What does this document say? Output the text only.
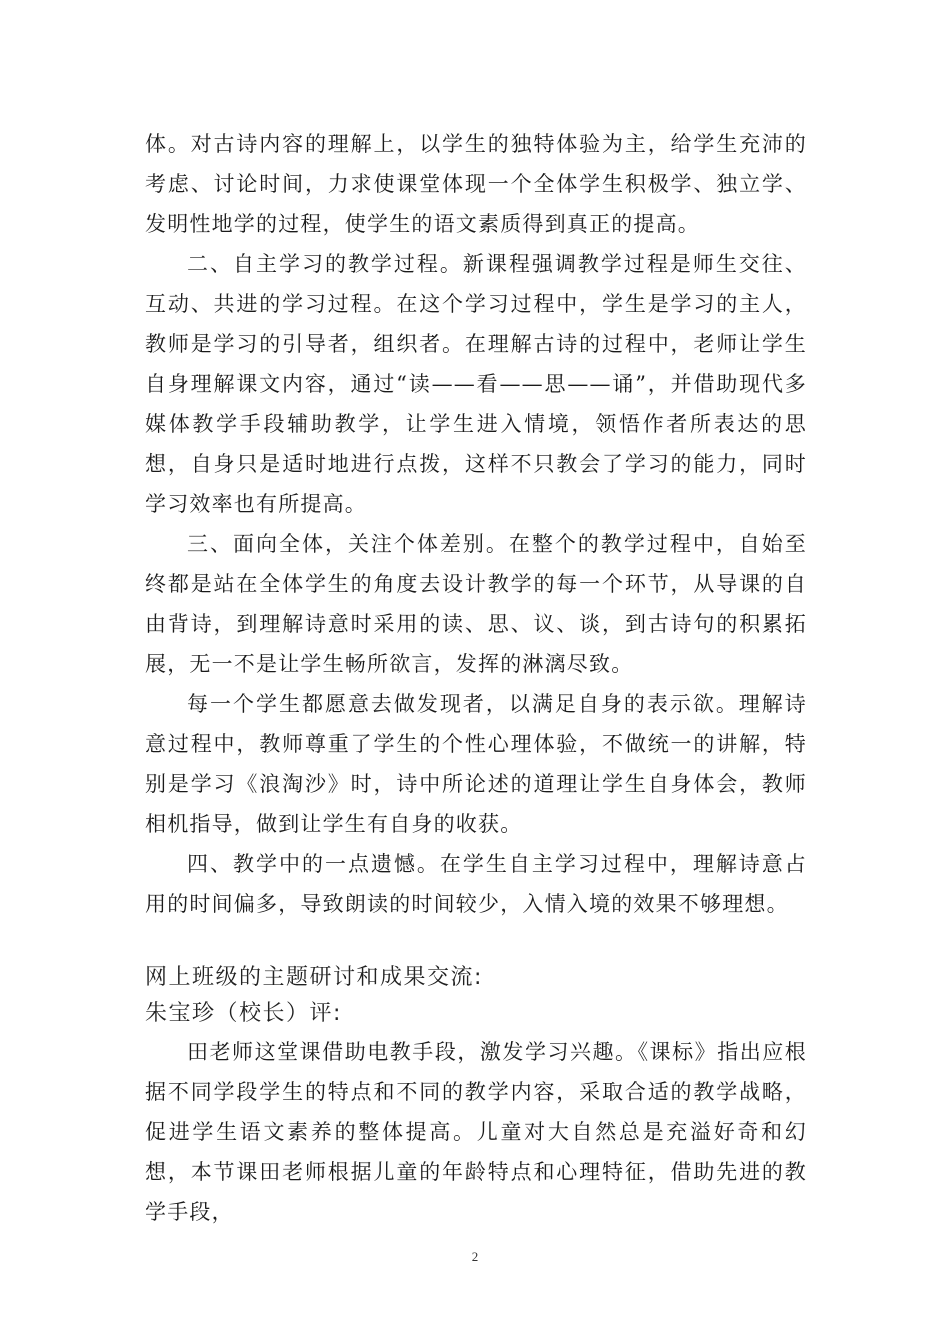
体。对古诗内容的理解上，以学生的独特体验为主，给学生充沛的考虑、讨论时间，力求使课堂体现一个全体学生积极学、独立学、发明性地学的过程，使学生的语文素质得到真正的提高。

二、自主学习的教学过程。新课程强调教学过程是师生交往、互动、共进的学习过程。在这个学习过程中，学生是学习的主人，教师是学习的引导者，组织者。在理解古诗的过程中，老师让学生自身理解课文内容，通过“读——看——思——诵”，并借助现代多媒体教学手段辅助教学，让学生进入情境，领悟作者所表达的思想，自身只是适时地进行点拨，这样不只教会了学习的能力，同时学习效率也有所提高。

三、面向全体，关注个体差别。在整个的教学过程中，自始至终都是站在全体学生的角度去设计教学的每一个环节，从导课的自由背诗，到理解诗意时采用的读、思、议、谈，到古诗句的积累拓展，无一不是让学生畅所欲言，发挥的淋漓尽致。

每一个学生都愿意去做发现者，以满足自身的表示欲。理解诗意过程中，教师尊重了学生的个性心理体验，不做统一的讲解，特别是学习《浪淘沙》时，诗中所论述的道理让学生自身体会，教师相机指导，做到让学生有自身的收获。

四、教学中的一点遗憾。在学生自主学习过程中，理解诗意占用的时间偏多，导致朗读的时间较少，入情入境的效果不够理想。

网上班级的主题研讨和成果交流:

朱宝珍（校长）评:

田老师这堂课借助电教手段，激发学习兴趣。《课标》指出应根据不同学段学生的特点和不同的教学内容，采取合适的教学战略，促进学生语文素养的整体提高。儿童对大自然总是充溢好奇和幻想，本节课田老师根据儿童的年龄特点和心理特征，借助先进的教学手段，

2
